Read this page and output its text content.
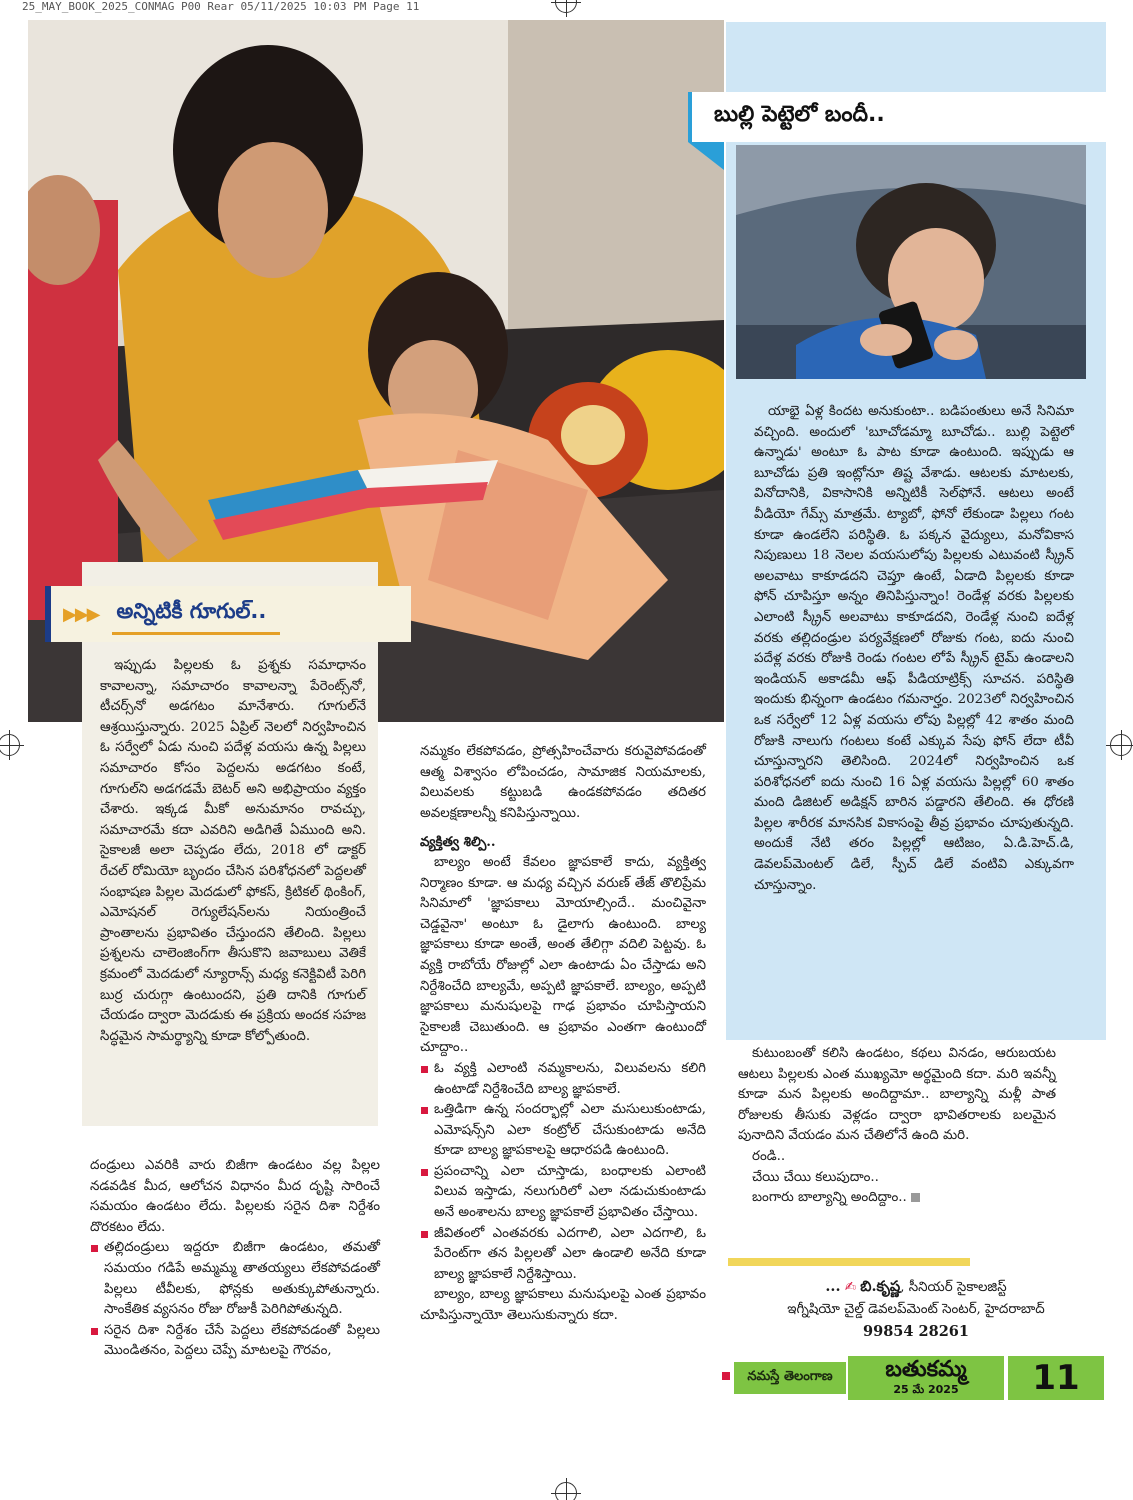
25_MAY_BOOK_2025_CONMAG P00 Rear 05/11/2025 10:03 PM Page 11
బుల్లి పెట్టెలో బందీ..

యాభై ఏళ్ల కిందట అనుకుంటా.. బడిపంతులు అనే సినిమా వచ్చింది. అందులో 'బూచోడమ్మా బూచోడు.. బుల్లి పెట్టెలో ఉన్నాడు' అంటూ ఓ పాట కూడా ఉంటుంది. ఇప్పుడు ఆ బూచోడు ప్రతి ఇంట్లోనూ తిష్ట వేశాడు. ఆటలకు మాటలకు, వినోదానికి, వికాసానికి అన్నిటికీ సెల్‌ఫోనే. ఆటలు అంటే వీడియో గేమ్స్ మాత్రమే. ట్యాబో, ఫోనో లేకుండా పిల్లలు గంట కూడా ఉండలేని పరిస్థితి. ఓ పక్కన వైద్యులు, మనోవికాస నిపుణులు 18 నెలల వయసులోపు పిల్లలకు ఎటువంటి స్క్రీన్ అలవాటు కాకూడదని చెప్తూ ఉంటే, ఏడాది పిల్లలకు కూడా ఫోన్ చూపిస్తూ అన్నం తినిపిస్తున్నాం! రెండేళ్ల వరకు పిల్లలకు ఎలాంటి స్క్రీన్ అలవాటు కాకూడదని, రెండేళ్ల నుంచి ఐదేళ్ల వరకు తల్లిదండ్రుల పర్యవేక్షణలో రోజుకు గంట, ఐదు నుంచి పదేళ్ల వరకు రోజుకి రెండు గంటల లోపే స్క్రీన్ టైమ్ ఉండాలని ఇండియన్ అకాడమీ ఆఫ్ పీడియాట్రిక్స్ సూచన. పరిస్థితి ఇందుకు భిన్నంగా ఉండటం గమనార్హం. 2023లో నిర్వహించిన ఒక సర్వేలో 12 ఏళ్ల వయసు లోపు పిల్లల్లో 42 శాతం మంది రోజుకి నాలుగు గంటలు కంటే ఎక్కువ సేపు ఫోన్ లేదా టీవీ చూస్తున్నారని తెలిసింది. 2024లో నిర్వహించిన ఒక పరిశోధనలో ఐదు నుంచి 16 ఏళ్ల వయసు పిల్లల్లో 60 శాతం మంది డిజిటల్ అడిక్షన్ బారిన పడ్డారని తేలింది. ఈ ధోరణి పిల్లల శారీరక మానసిక వికాసంపై తీవ్ర ప్రభావం చూపుతున్నది. అందుకే నేటి తరం పిల్లల్లో ఆటిజం, ఏ.డి.హెచ్.డి, డెవలప్‌మెంటల్ డిలే, స్పీచ్ డిలే వంటివి ఎక్కువగా చూస్తున్నాం.

▶▶▶ అన్నిటికీ గూగుల్..

ఇప్పుడు పిల్లలకు ఓ ప్రశ్నకు సమాధానం కావాలన్నా, సమాచారం కావాలన్నా పేరెంట్స్‌నో, టీచర్స్‌నో అడగటం మానేశారు. గూగుల్‌నే ఆశ్రయిస్తున్నారు. 2025 ఏప్రిల్ నెలలో నిర్వహించిన ఓ సర్వేలో ఏడు నుంచి పదేళ్ల వయసు ఉన్న పిల్లలు సమాచారం కోసం పెద్దలను అడగటం కంటే, గూగుల్‌ని అడగడమే బెటర్ అని అభిప్రాయం వ్యక్తం చేశారు. ఇక్కడ మీకో అనుమానం రావచ్చు, సమాచారమే కదా ఎవరిని అడిగితే ఏముంది అని. సైకాలజీ అలా చెప్పడం లేదు, 2018 లో డాక్టర్ రేచల్ రోమియో బృందం చేసిన పరిశోధనలో పెద్దలతో సంభాషణ పిల్లల మెదడులో ఫోకస్, క్రిటికల్ థింకింగ్, ఎమోషనల్ రెగ్యులేషన్‌లను నియంత్రించే ప్రాంతాలను ప్రభావితం చేస్తుందని తేలింది. పిల్లలు ప్రశ్నలను చాలెంజింగ్‌గా తీసుకొని జవాబులు వెతికే క్రమంలో మెదడులో న్యూరాన్స్ మధ్య కనెక్టివిటీ పెరిగి బుర్ర చురుగ్గా ఉంటుందని, ప్రతి దానికి గూగుల్ చేయడం ద్వారా మెదడుకు ఈ ప్రక్రియ అందక సహజ సిద్ధమైన సామర్థ్యాన్ని కూడా కోల్పోతుంది.

దండ్రులు ఎవరికి వారు బిజీగా ఉండటం వల్ల పిల్లల నడవడిక మీద, ఆలోచన విధానం మీద దృష్టి సారించే సమయం ఉండటం లేదు. పిల్లలకు సరైన దిశా నిర్దేశం దొరకటం లేదు.

తల్లిదండ్రులు ఇద్దరూ బిజీగా ఉండటం, తమతో సమయం గడిపే అమ్మమ్మ తాతయ్యలు లేకపోవడంతో పిల్లలు టీవీలకు, ఫోన్లకు అతుక్కుపోతున్నారు. సాంకేతిక వ్యసనం రోజు రోజుకీ పెరిగిపోతున్నది.
సరైన దిశా నిర్దేశం చేసే పెద్దలు లేకపోవడంతో పిల్లలు మొండితనం, పెద్దలు చెప్పే మాటలపై గౌరవం,

నమ్మకం లేకపోవడం, ప్రోత్సహించేవారు కరువైపోవడంతో ఆత్మ విశ్వాసం లోపించడం, సామాజిక నియమాలకు, విలువలకు కట్టుబడి ఉండకపోవడం తదితర అవలక్షణాలన్నీ కనిపిస్తున్నాయి.

వ్యక్తిత్వ శిల్పి..

బాల్యం అంటే కేవలం జ్ఞాపకాలే కాదు, వ్యక్తిత్వ నిర్మాణం కూడా. ఆ మధ్య వచ్చిన వరుణ్ తేజ్ తొలిప్రేమ సినిమాలో 'జ్ఞాపకాలు మోయాల్సిందే.. మంచివైనా చెడ్డవైనా' అంటూ ఓ డైలాగు ఉంటుంది. బాల్య జ్ఞాపకాలు కూడా అంతే, అంత తేలిగ్గా వదిలి పెట్టవు. ఓ వ్యక్తి రాబోయే రోజుల్లో ఎలా ఉంటాడు ఏం చేస్తాడు అని నిర్దేశించేది బాల్యమే, అప్పటి జ్ఞాపకాలే. బాల్యం, అప్పటి జ్ఞాపకాలు మనుషులపై గాఢ ప్రభావం చూపిస్తాయని సైకాలజీ చెబుతుంది. ఆ ప్రభావం ఎంతగా ఉంటుందో చూద్దాం..

ఓ వ్యక్తి ఎలాంటి నమ్మకాలను, విలువలను కలిగి ఉంటాడో నిర్దేశించేది బాల్య జ్ఞాపకాలే.
ఒత్తిడిగా ఉన్న సందర్భాల్లో ఎలా మసులుకుంటాడు, ఎమోషన్స్‌ని ఎలా కంట్రోల్ చేసుకుంటాడు అనేది కూడా బాల్య జ్ఞాపకాలపై ఆధారపడి ఉంటుంది.
ప్రపంచాన్ని ఎలా చూస్తాడు, బంధాలకు ఎలాంటి విలువ ఇస్తాడు, నలుగురిలో ఎలా నడుచుకుంటాడు అనే అంశాలను బాల్య జ్ఞాపకాలే ప్రభావితం చేస్తాయి.
జీవితంలో ఎంతవరకు ఎదగాలి, ఎలా ఎదగాలి, ఓ పేరెంట్‌గా తన పిల్లలతో ఎలా ఉండాలి అనేది కూడా బాల్య జ్ఞాపకాలే నిర్దేశిస్తాయి.

బాల్యం, బాల్య జ్ఞాపకాలు మనుషులపై ఎంత ప్రభావం చూపిస్తున్నాయో తెలుసుకున్నారు కదా.

కుటుంబంతో కలిసి ఉండటం, కథలు వినడం, ఆరుబయట ఆటలు పిల్లలకు ఎంత ముఖ్యమో అర్థమైంది కదా. మరి ఇవన్నీ కూడా మన పిల్లలకు అందిద్దామా.. బాల్యాన్ని మళ్లీ పాత రోజులకు తీసుకు వెళ్లడం ద్వారా భావితరాలకు బలమైన పునాదిని వేయడం మన చేతిలోనే ఉంది మరి.

రండి..

చేయి చేయి కలుపుదాం..

బంగారు బాల్యాన్ని అందిద్దాం..

... ✍ బి.కృష్ణ, సీనియర్ సైకాలజిస్ట్
ఇగ్నీషియో చైల్డ్ డెవలప్‌మెంట్ సెంటర్, హైదరాబాద్
99854 28261
నమస్తే తెలంగాణ	బతుకమ్మ
25 మే 2025	11
